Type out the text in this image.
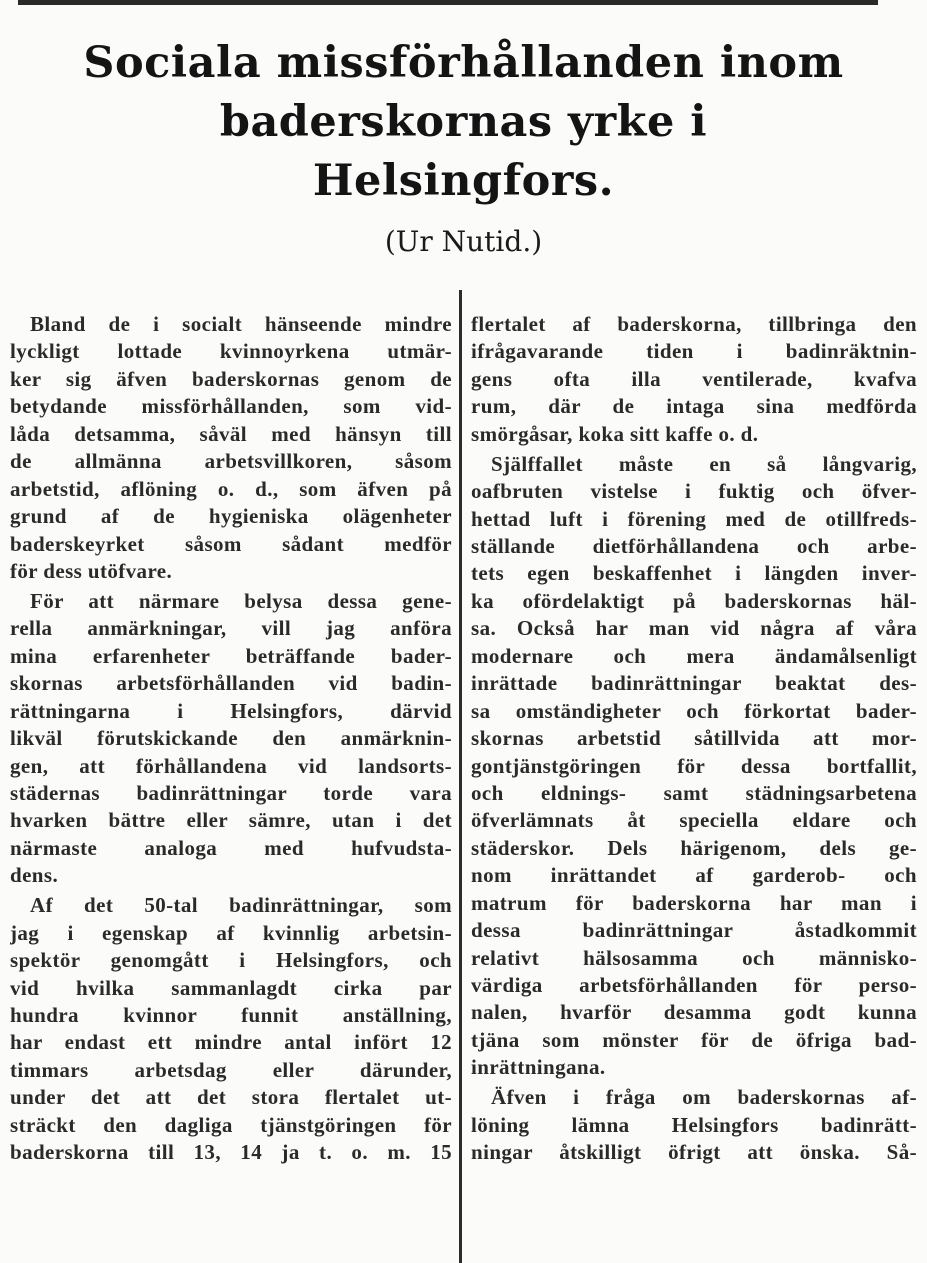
Sociala missförhållanden inom
baderskornas yrke i
Helsingfors.
(Ur Nutid.)
Bland de i socialt hänseende mindre
lyckligt lottade kvinnoyrkena utmär-
ker sig äfven baderskornas genom de
betydande missförhållanden, som vid-
låda detsamma, såväl med hänsyn till
de allmänna arbetsvillkoren, såsom
arbetstid, aflöning o. d., som äfven på
grund af de hygieniska olägenheter
baderskeyrket såsom sådant medför
för dess utöfvare.
För att närmare belysa dessa gene-
rella anmärkningar, vill jag anföra
mina erfarenheter beträffande bader-
skornas arbetsförhållanden vid badin-
rättningarna i Helsingfors, därvid
likväl förutskickande den anmärknin-
gen, att förhållandena vid landsorts-
städernas badinrättningar torde vara
hvarken bättre eller sämre, utan i det
närmaste analoga med hufvudsta-
dens.
Af det 50-tal badinrättningar, som
jag i egenskap af kvinnlig arbetsin-
spektör genomgått i Helsingfors, och
vid hvilka sammanlagdt cirka par
hundra kvinnor funnit anställning,
har endast ett mindre antal infört 12
timmars arbetsdag eller därunder,
under det att det stora flertalet ut-
sträckt den dagliga tjänstgöringen för
baderskorna till 13, 14 ja t. o. m. 15
flertalet af baderskorna, tillbringa den
ifrågavarande tiden i badinräktnin-
gens ofta illa ventilerade, kvafva
rum, där de intaga sina medförda
smörgåsar, koka sitt kaffe o. d.
Själffallet måste en så långvarig,
oafbruten vistelse i fuktig och öfver-
hettad luft i förening med de otillfreds-
ställande dietförhållandena och arbe-
tets egen beskaffenhet i längden inver-
ka ofördelaktigt på baderskornas häl-
sa. Också har man vid några af våra
modernare och mera ändamålsenligt
inrättade badinrättningar beaktat des-
sa omständigheter och förkortat bader-
skornas arbetstid såtillvida att mor-
gontjänstgöringen för dessa bortfallit,
och eldnings- samt städningsarbetena
öfverlämnats åt speciella eldare och
städerskor. Dels härigenom, dels ge-
nom inrättandet af garderob- och
matrum för baderskorna har man i
dessa badinrättningar åstadkommit
relativt hälsosamma och människo-
värdiga arbetsförhållanden för perso-
nalen, hvarför desamma godt kunna
tjäna som mönster för de öfriga bad-
inrättningana.
Äfven i fråga om baderskornas af-
löning lämna Helsingfors badinrätt-
ningar åtskilligt öfrigt att önska. Så-
